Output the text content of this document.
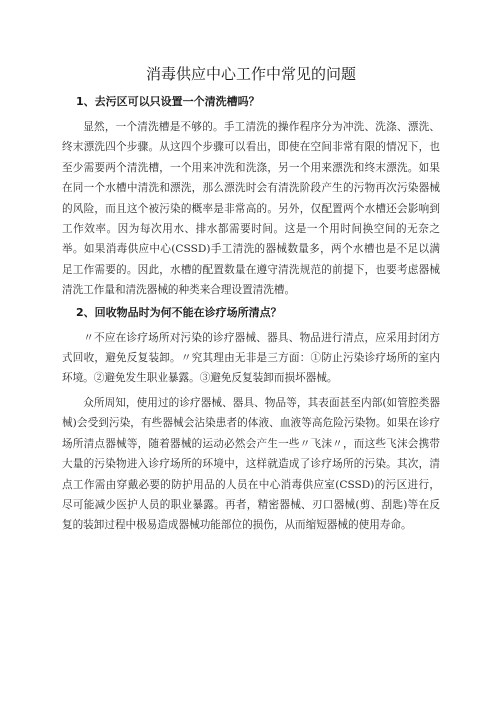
消毒供应中心工作中常见的问题
1、去污区可以只设置一个清洗槽吗？

显然，一个清洗槽是不够的。手工清洗的操作程序分为冲洗、洗涤、漂洗、终末漂洗四个步骤。从这四个步骤可以看出，即使在空间非常有限的情况下，也至少需要两个清洗槽，一个用来冲洗和洗涤，另一个用来漂洗和终末漂洗。如果在同一个水槽中清洗和漂洗，那么漂洗时会有清洗阶段产生的污物再次污染器械的风险，而且这个被污染的概率是非常高的。另外，仅配置两个水槽还会影响到工作效率。因为每次用水、排水都需要时间。这是一个用时间换空间的无奈之举。如果消毒供应中心(CSSD)手工清洗的器械数量多，两个水槽也是不足以满足工作需要的。因此，水槽的配置数量在遵守清洗规范的前提下，也要考虑器械清洗工作量和清洗器械的种类来合理设置清洗槽。

2、回收物品时为何不能在诊疗场所清点？

〃不应在诊疗场所对污染的诊疗器械、器具、物品进行清点，应采用封闭方式回收，避免反复装卸。〃究其理由无非是三方面：①防止污染诊疗场所的室内环境。②避免发生职业暴露。③避免反复装卸而损坏器械。

众所周知，使用过的诊疗器械、器具、物品等，其表面甚至内部(如管腔类器械)会受到污染，有些器械会沾染患者的体液、血液等高危险污染物。如果在诊疗场所清点器械等，随着器械的运动必然会产生一些〃飞沫〃，而这些飞沫会携带大量的污染物进入诊疗场所的环境中，这样就造成了诊疗场所的污染。其次，清点工作需由穿戴必要的防护用品的人员在中心消毒供应室(CSSD)的污区进行，尽可能减少医护人员的职业暴露。再者，精密器械、刃口器械(剪、刮匙)等在反复的装卸过程中极易造成器械功能部位的损伤，从而缩短器械的使用寿命。
